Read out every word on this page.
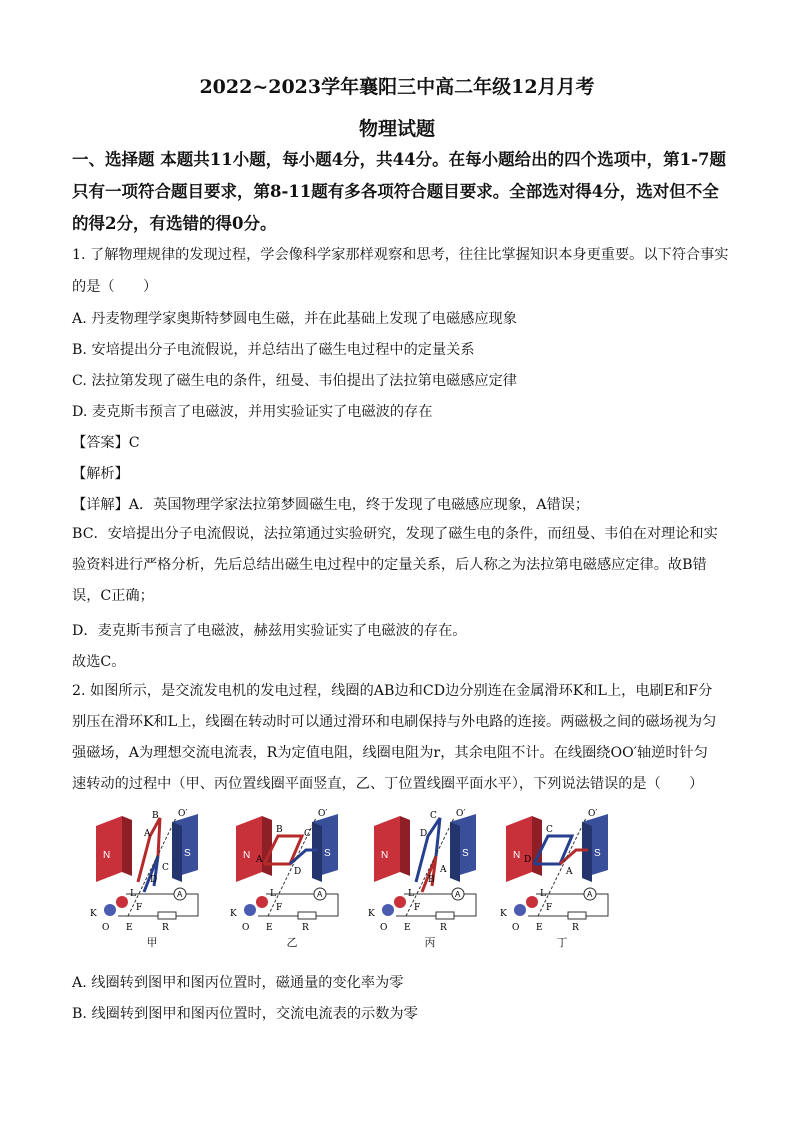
2022~2023学年襄阳三中高二年级12月月考
物理试题
一、选择题 本题共11小题，每小题4分，共44分。在每小题给出的四个选项中，第1-7题只有一项符合题目要求，第8-11题有多各项符合题目要求。全部选对得4分，选对但不全的得2分，有选错的得0分。
1. 了解物理规律的发现过程，学会像科学家那样观察和思考，往往比掌握知识本身更重要。以下符合事实
的是（　　）
A. 丹麦物理学家奥斯特梦圆电生磁，并在此基础上发现了电磁感应现象
B. 安培提出分子电流假说，并总结出了磁生电过程中的定量关系
C. 法拉第发现了磁生电的条件，纽曼、韦伯提出了法拉第电磁感应定律
D. 麦克斯韦预言了电磁波，并用实验证实了电磁波的存在
【答案】C
【解析】
【详解】A．英国物理学家法拉第梦圆磁生电，终于发现了电磁感应现象，A错误；
BC．安培提出分子电流假说，法拉第通过实验研究，发现了磁生电的条件，而纽曼、韦伯在对理论和实验资料进行严格分析，先后总结出磁生电过程中的定量关系，后人称之为法拉第电磁感应定律。故B错误，C正确；
D．麦克斯韦预言了电磁波，赫兹用实验证实了电磁波的存在。
故选C。
2. 如图所示，是交流发电机的发电过程，线圈的AB边和CD边分别连在金属滑环K和L上，电刷E和F分别压在滑环K和L上，线圈在转动时可以通过滑环和电刷保持与外电路的连接。两磁极之间的磁场视为匀强磁场，A为理想交流电流表，R为定值电阻，线圈电阻为r，其余电阻不计。在线圈绕OO′轴逆时针匀速转动的过程中（甲、丙位置线圈平面竖直，乙、丁位置线圈平面水平），下列说法错误的是（　　）
N	S
A
K
L
E
F
R
O
O′
A
B
C
D
甲
N	S
A
K
L
E
F
R
O
O′
A
B C
D
乙
N	S
A
K
L
E
F
R
O
O′
C
D
A
B
丙
N	S
A
K
L
E
F
R
O
O′
D
C
A
丁
A. 线圈转到图甲和图丙位置时，磁通量的变化率为零
B. 线圈转到图甲和图丙位置时，交流电流表的示数为零
